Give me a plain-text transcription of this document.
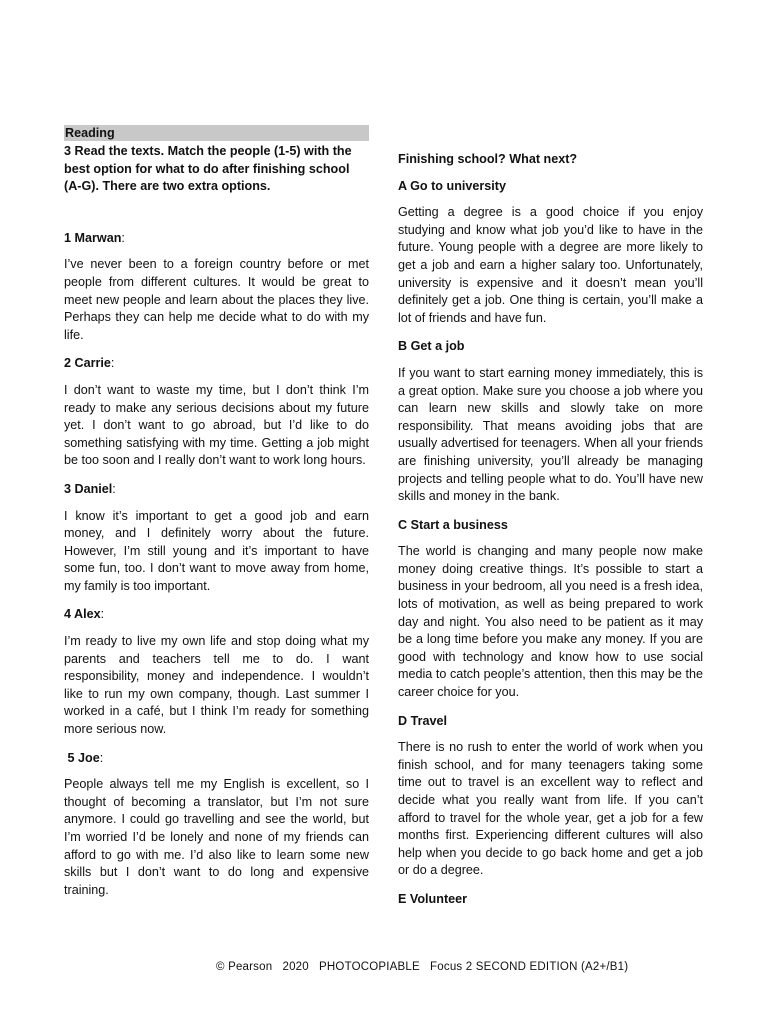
Reading
3 Read the texts. Match the people (1-5) with the best option for what to do after finishing school (A-G). There are two extra options.
1 Marwan:

I’ve never been to a foreign country before or met people from different cultures. It would be great to meet new people and learn about the places they live. Perhaps they can help me decide what to do with my life.

2 Carrie:

I don’t want to waste my time, but I don’t think I’m ready to make any serious decisions about my future yet. I don’t want to go abroad, but I’d like to do something satisfying with my time. Getting a job might be too soon and I really don’t want to work long hours.

3 Daniel:

I know it’s important to get a good job and earn money, and I definitely worry about the future. However, I’m still young and it’s important to have some fun, too. I don’t want to move away from home, my family is too important.

4 Alex:

I’m ready to live my own life and stop doing what my parents and teachers tell me to do. I want responsibility, money and independence. I wouldn’t like to run my own company, though. Last summer I worked in a café, but I think I’m ready for something more serious now.

5 Joe:

People always tell me my English is excellent, so I thought of becoming a translator, but I’m not sure anymore. I could go travelling and see the world, but I’m worried I’d be lonely and none of my friends can afford to go with me. I’d also like to learn some new skills but I don’t want to do long and expensive training.

Finishing school? What next?
A Go to university

Getting a degree is a good choice if you enjoy studying and know what job you’d like to have in the future. Young people with a degree are more likely to get a job and earn a higher salary too. Unfortunately, university is expensive and it doesn’t mean you’ll definitely get a job. One thing is certain, you’ll make a lot of friends and have fun.

B Get a job

If you want to start earning money immediately, this is a great option. Make sure you choose a job where you can learn new skills and slowly take on more responsibility. That means avoiding jobs that are usually advertised for teenagers. When all your friends are finishing university, you’ll already be managing projects and telling people what to do. You’ll have new skills and money in the bank.

C Start a business

The world is changing and many people now make money doing creative things. It’s possible to start a business in your bedroom, all you need is a fresh idea, lots of motivation, as well as being prepared to work day and night. You also need to be patient as it may be a long time before you make any money. If you are good with technology and know how to use social media to catch people’s attention, then this may be the career choice for you.

D Travel

There is no rush to enter the world of work when you finish school, and for many teenagers taking some time out to travel is an excellent way to reflect and decide what you really want from life. If you can’t afford to travel for the whole year, get a job for a few months first. Experiencing different cultures will also help when you decide to go back home and get a job or do a degree.

E Volunteer
© Pearson   2020   PHOTOCOPIABLE   Focus 2 SECOND EDITION (A2+/B1)
